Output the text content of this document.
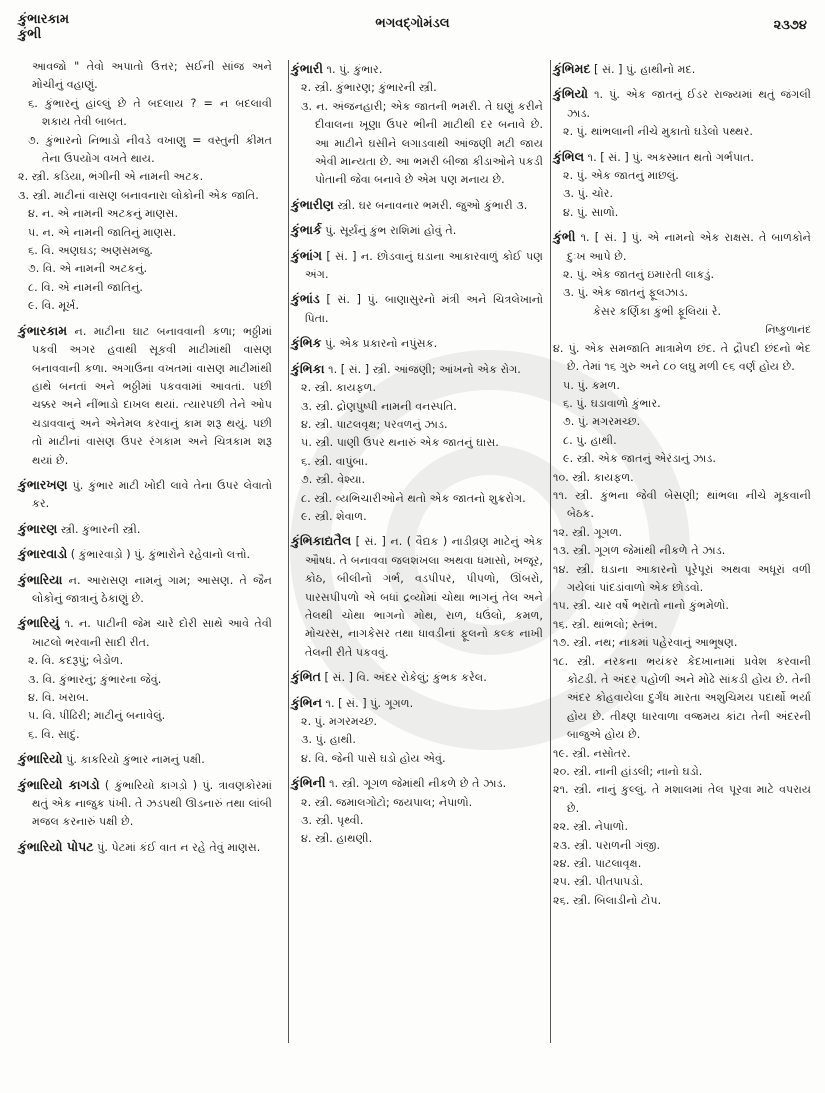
કુંભારકામ
કુંભી
ભગવદ્ગોમંડલ	૨૩૭૪
આવજો " તેવો અપાતો ઉત્તર; સઈની સાંજ અને મોચીનું વહાણું.
૬. કુંભારનું હાંલ્લું છે તે બદલાય ? = ન બદલાવી શકાય તેવી બાબત.
૭. કુંભારનો નિભાડો નીવડે વખાણુ = વસ્તુની કીમત તેના ઉપયોગ વખતે થાય.
૨. સ્ત્રી. કડિયા, ભંગીની એ નામની અટક.
૩. સ્ત્રી. માટીનાં વાસણ બનાવનારા લોકોની એક જાતિ.
૪. ન. એ નામની અટકનું માણસ.
૫. ન. એ નામની જાતિનું માણસ.
૬. વિ. અણઘડ; અણસમજુ.
૭. વિ. એ નામની અટકનું.
૮. વિ. એ નામની જાતિનું.
૯. વિ. મૂર્ખ.
કુંભારકામ ન. માટીના ઘાટ બનાવવાની કળા; ભઠ્ઠીમાં પકવી અગર હવાથી સૂકવી માટીમાંથી વાસણ બનાવવાની કળા. અગાઉના વખતમાં વાસણ માટીમાંથી હાથે બનતાં અને ભઠ્ઠીમાં પકવવામાં આવતાં. પછી ચક્કર અને નીંભાડો દાખલ થયાં. ત્યારપછી તેને ઓપ ચડાવવાનું અને એનેમલ કરવાનું કામ શરૂ થયું. પછી તો માટીનાં વાસણ ઉપર રંગકામ અને ચિત્રકામ શરૂ થયાં છે.
કુંભારખણ પું. કુંભાર માટી ખોદી લાવે તેના ઉપર લેવાતો કર.
કુંભારણ સ્ત્રી. કુંભારની સ્ત્રી.
કુંભારવાડો ( કુંભારવાડ઼ો ) પું. કુંભારોને રહેવાનો લત્તો.
કુંભારિયા ન. આરાસણ નામનું ગામ; આસણ. તે જૈન લોકોનું જાત્રાનું ઠેકાણું છે.
કુંભારિયું ૧. ન. પાટીની જેમ ચારે દોરી સાથે આવે તેવી ખાટલો ભરવાની સાદી રીત.
૨. વિ. કદરૂપું; બેડોળ.
૩. વિ. કુંભારનું; કુંભારના જેવું.
૪. વિ. ખરાબ.
૫. વિ. પીંઢિરી; માટીનું બનાવેલું.
૬. વિ. સાદું.
કુંભારિયો પું. કાકરિયો કુંભાર નામનું પક્ષી.
કુંભારિયો કાગડો ( કુંભારિયો કાગડ઼ો ) પું. ત્રાવણકોરમાં થતું એક નાજુક પંખી. તે ઝડપથી ઊડનારું તથા લાંબી મજલ કરનારું પક્ષી છે.
કુંભારિયો પોપટ પું. પેટમાં કંઈ વાત ન રહે તેવું માણસ.
કુંભારી ૧. પું. કુંભાર.
૨. સ્ત્રી. કુંભારણ; કુંભારની સ્ત્રી.
૩. ન. અંજનહારી; એક જાતની ભમરી. તે ઘણું કરીને દીવાલના ખૂણા ઉપર ભીની માટીથી દર બનાવે છે. આ માટીને ઘસીને લગાડવાથી આંજણી મટી જાય એવી માન્યતા છે. આ ભમરી બીજા કીડાઓને પકડી પોતાની જેવા બનાવે છે એમ પણ મનાય છે.
કુંભારીણ સ્ત્રી. ઘર બનાવનાર ભમરી. જુઓ કુંભારી ૩.
કુંભાર્ક પું. સૂર્યનું કુંભ રાશિમાં હોવું તે.
કુંભાંગ [ સં. ] ન. છોડવાનું ઘડાના આકારવાળું કોઈ પણ અંગ.
કુંભાંડ [ સં. ] પું. બાણાસુરનો મંત્રી અને ચિત્રલેખાનો પિતા.
કુંભિક પું. એક પ્રકારનો નપુંસક.
કુંભિકા ૧. [ સં. ] સ્ત્રી. આંજણી; આંખનો એક રોગ.
૨. સ્ત્રી. કાયફળ.
૩. સ્ત્રી. દ્રોણપુષ્પી નામની વનસ્પતિ.
૪. સ્ત્રી. પાટલવૃક્ષ; પરવળનું ઝાડ.
૫. સ્ત્રી. પાણી ઉપર થનારું એક જાતનું ઘાસ.
૬. સ્ત્રી. વાપુંબા.
૭. સ્ત્રી. વેશ્યા.
૮. સ્ત્રી. વ્યભિચારીઓને થતો એક જાતનો શુક્રરોગ.
૯. સ્ત્રી. શેવાળ.
કુંભિકાદ્યતૈલ [ સં. ] ન. ( વૈદ્યક ) નાડીવ્રણ માટેનું એક ઔષધ. તે બનાવવા જલશંખલા અથવા ધમાસો, ખજૂર, કોઠ, બીલીનો ગર્ભ, વડપીપર, પીપળો, ઊંબરો, પારસપીપળો એ બધાં દ્રવ્યોમાં ચોથા ભાગનું તેલ અને તેલથી ચોથા ભાગનો મોથ, રાળ, ધઉંલો, કમળ, મોચરસ, નાગકેસર તથા ધાવડીનાં ફૂલનો કલ્ક નાખી તેલની રીતે પકવવું.
કુંભિત [ સં. ] વિ. અંદર રોકેલું; કુંભક કરેલ.
કુંભિન ૧. [ સં. ] પું. ગૂગળ.
૨. પું. મગરમચ્છ.
૩. પું. હાથી.
૪. વિ. જેની પાસે ઘડો હોય એવું.
કુંભિની ૧. સ્ત્રી. ગૂગળ જેમાંથી નીકળે છે તે ઝાડ.
૨. સ્ત્રી. જમાલગોટો; જયપાલ; નેપાળો.
૩. સ્ત્રી. પૃથ્વી.
૪. સ્ત્રી. હાથણી.
કુંભિમદ [ સં. ] પું. હાથીનો મદ.
કુંભિયો ૧. પું. એક જાતનું ઈડર રાજ્યમાં થતું જંગલી ઝાડ.
૨. પું. થાંભલાની નીચે મુકાતો ઘડેલો પથ્થર.
કુંભિલ ૧. [ સં. ] પું. અકસ્માત થતો ગર્ભપાત.
૨. પું. એક જાતનું માછલું.
૩. પું. ચોર.
૪. પું. સાળો.
કુંભી ૧. [ સં. ] પું. એ નામનો એક રાક્ષસ. તે બાળકોને દુઃખ આપે છે.
૨. પું. એક જાતનું ઇમારતી લાકડું.
૩. પું. એક જાતનું ફૂલઝાડ.
કેસર કર્ણિકા કુંભી ફૂલિયાં રે.
નિષ્કુળાનંદ
૪. પું. એક સમજાતિ માત્રામેળ છંદ. તે દ્રૌપદી છંદનો ભેદ છે. તેમાં ૧૬ ગુરુ અને ૮૦ લઘુ મળી ૯૬ વર્ણ હોય છે.
૫. પું. કમળ.
૬. પું. ઘડાવાળો કુંભાર.
૭. પું. મગરમચ્છ.
૮. પું. હાથી.
૯. સ્ત્રી. એક જાતનું એરંડાનું ઝાડ.
૧૦. સ્ત્રી. કાયફળ.
૧૧. સ્ત્રી. કુંભના જેવી બેસણી; થાંભલા નીચે મૂકવાની બેઠક.
૧૨. સ્ત્રી. ગૂગળ.
૧૩. સ્ત્રી. ગૂગળ જેમાંથી નીકળે તે ઝાડ.
૧૪. સ્ત્રી. ઘડાના આકારનો પૂરેપૂરાં અથવા અધૂરાં વળી ગયેલાં પાંદડાંવાળો એક છોડવો.
૧૫. સ્ત્રી. ચાર વર્ષે ભરાતો નાનો કુંભમેળો.
૧૬. સ્ત્રી. થાંભલો; સ્તંભ.
૧૭. સ્ત્રી. નથ; નાકમાં પહેરવાનું આભૂષણ.
૧૮. સ્ત્રી. નરકના ભયંકર કેદખાનામાં પ્રવેશ કરવાની કોટડી. તે અંદર પહોળી અને મોઢે સાંકડી હોય છે. તેની અંદર કોહવાયેલા દુર્ગંધ મારતા અશુચિમય પદાર્થો ભર્યા હોય છે. તીક્ષ્ણ ધારવાળા વજ્રમય કાંટા તેની અંદરની બાજુએ હોય છે.
૧૯. સ્ત્રી. નસોતર.
૨૦. સ્ત્રી. નાની હાંડલી; નાનો ઘડો.
૨૧. સ્ત્રી. નાનું કુલ્લું. તે મશાલમાં તેલ પૂરવા માટે વપરાય છે.
૨૨. સ્ત્રી. નેપાળો.
૨૩. સ્ત્રી. પરાળની ગંજી.
૨૪. સ્ત્રી. પાટલાવૃક્ષ.
૨૫. સ્ત્રી. પીતપાપડો.
૨૬. સ્ત્રી. બિલાડીનો ટોપ.
